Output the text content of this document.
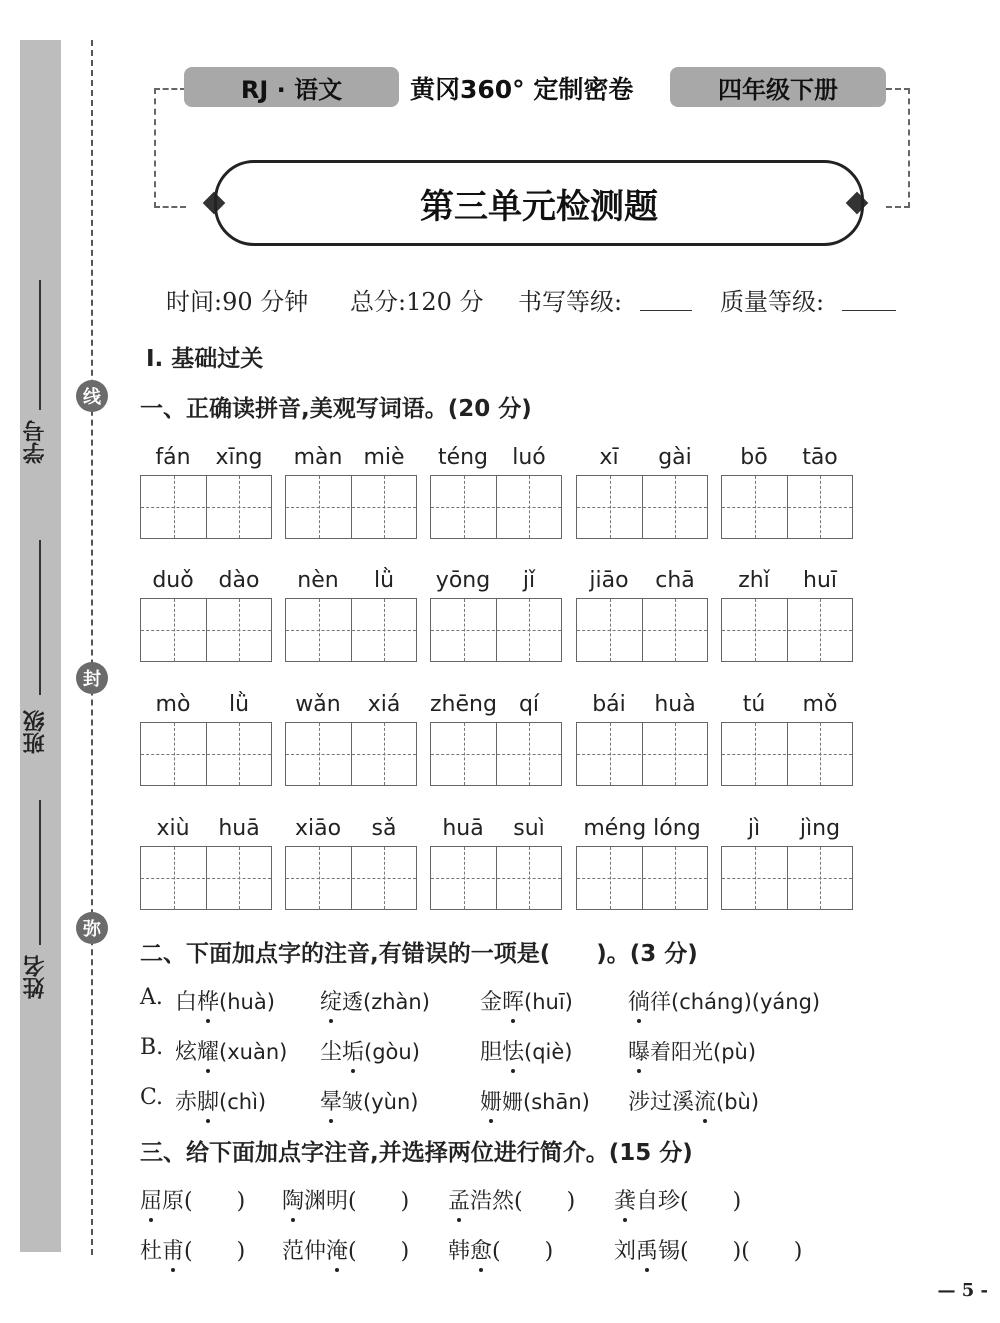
学号
班级
姓名
线
封
弥
RJ · 语文	黄冈360° 定制密卷	四年级下册
第三单元检测题
时间:90 分钟 总分:120 分 书写等级:	质量等级:
Ⅰ. 基础过关
一、正确读拼音,美观写词语。(20 分)
fán	xīng	màn miè	téng	luó	xī	gài	bō	tāo
duǒ	dào	nèn	lǜ	yōng	jǐ	jiāo	chā	zhǐ	huī
mò	lǜ	wǎn	xiá	zhēng	qí	bái	huà	tú	mǒ
xiù	huā	xiāo	sǎ	huā	suì	méng lóng	jì	jìng
二、下面加点字的注音,有错误的一项是(　　)。(3 分)
A. 白桦(huà) 绽透(zhàn) 金晖(huī)	徜徉(cháng)(yáng)
B. 炫耀(xuàn) 尘垢(gòu)	胆怯(qiè)	曝着阳光(pù)
C. 赤脚(chì) 晕皱(yùn)	姗姗(shān) 涉过溪流(bù)
三、给下面加点字注音,并选择两位进行简介。(15 分)
屈原(　　) 陶渊明(　　) 孟浩然(　　) 龚自珍(　　)
杜甫(　　) 范仲淹(　　) 韩愈(　　)	刘禹锡(　　)(　　)
— 5 -
